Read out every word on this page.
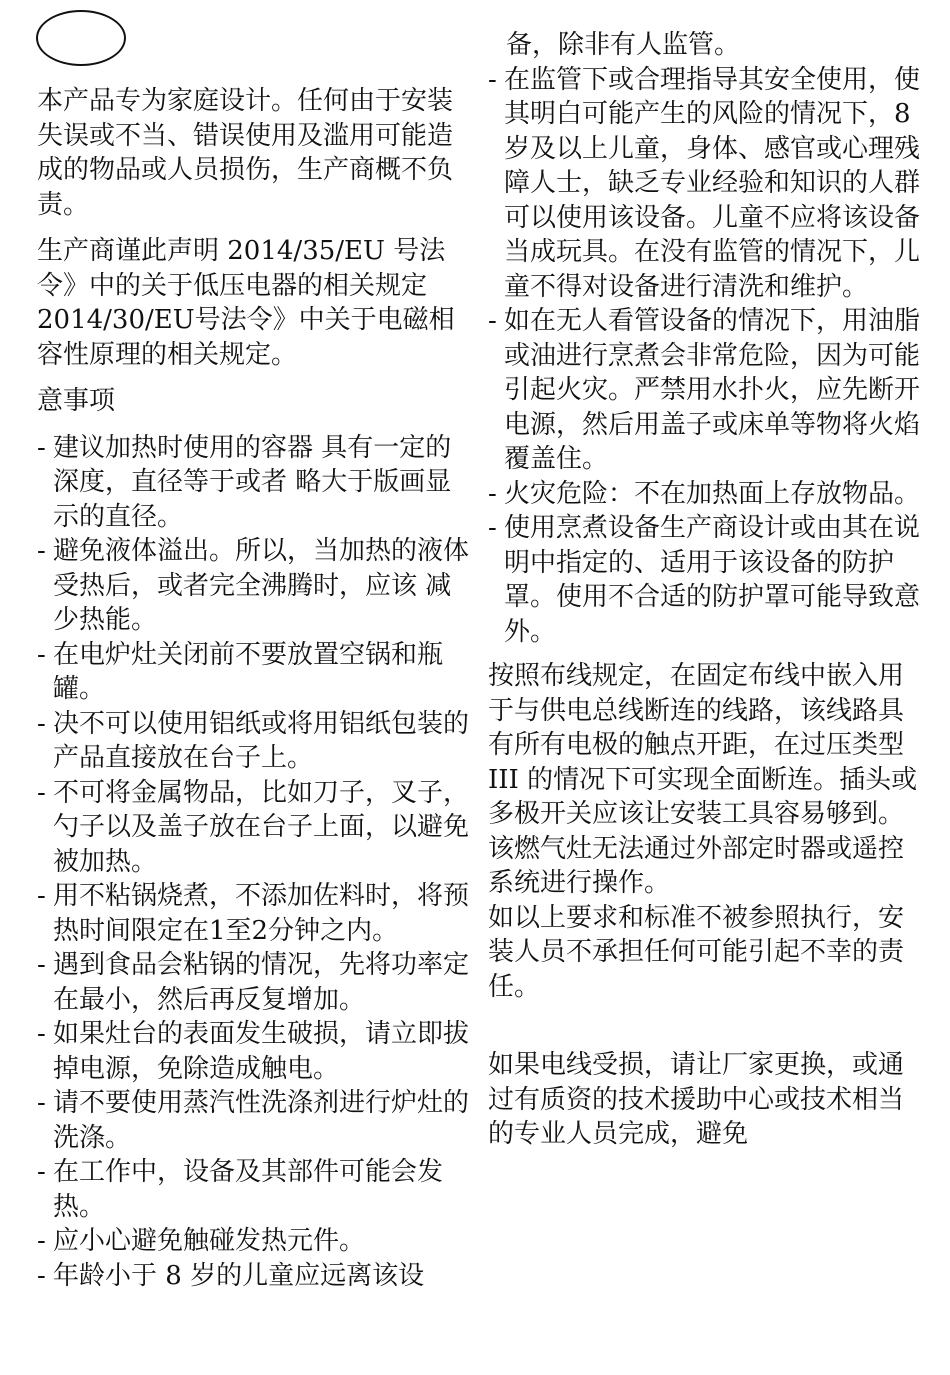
本产品专为家庭设计。任何由于安装失误或不当、错误使用及滥用可能造成的物品或人员损伤，生产商概不负责。

生产商谨此声明 2014/35/EU 号法令》中的关于低压电器的相关规定2014/30/EU号法令》中关于电磁相容性原理的相关规定。

意事项

- 建议加热时使用的容器 具有一定的深度，直径等于或者 略大于版画显示的直径。
- 避免液体溢出。所以，当加热的液体受热后，或者完全沸腾时，应该 减少热能。
- 在电炉灶关闭前不要放置空锅和瓶罐。
- 决不可以使用铝纸或将用铝纸包装的产品直接放在台子上。
- 不可将金属物品，比如刀子，叉子，勺子以及盖子放在台子上面，以避免被加热。
- 用不粘锅烧煮，不添加佐料时，将预热时间限定在1至2分钟之内。
- 遇到食品会粘锅的情况，先将功率定在最小，然后再反复增加。
- 如果灶台的表面发生破损，请立即拔掉电源，免除造成触电。
- 请不要使用蒸汽性洗涤剂进行炉灶的洗涤。
- 在工作中，设备及其部件可能会发热。
- 应小心避免触碰发热元件。
- 年龄小于 8 岁的儿童应远离该设

备，除非有人监管。

- 在监管下或合理指导其安全使用，使其明白可能产生的风险的情况下，8 岁及以上儿童，身体、感官或心理残障人士，缺乏专业经验和知识的人群可以使用该设备。儿童不应将该设备当成玩具。在没有监管的情况下，儿童不得对设备进行清洗和维护。
- 如在无人看管设备的情况下，用油脂或油进行烹煮会非常危险，因为可能引起火灾。严禁用水扑火，应先断开电源，然后用盖子或床单等物将火焰覆盖住。
- 火灾危险：不在加热面上存放物品。
- 使用烹煮设备生产商设计或由其在说明中指定的、适用于该设备的防护罩。使用不合适的防护罩可能导致意外。

按照布线规定，在固定布线中嵌入用于与供电总线断连的线路，该线路具有所有电极的触点开距，在过压类型 III 的情况下可实现全面断连。插头或多极开关应该让安装工具容易够到。

该燃气灶无法通过外部定时器或遥控系统进行操作。

如以上要求和标准不被参照执行，安装人员不承担任何可能引起不幸的责任。

如果电线受损，请让厂家更换，或通过有质资的技术援助中心或技术相当的专业人员完成，避免
